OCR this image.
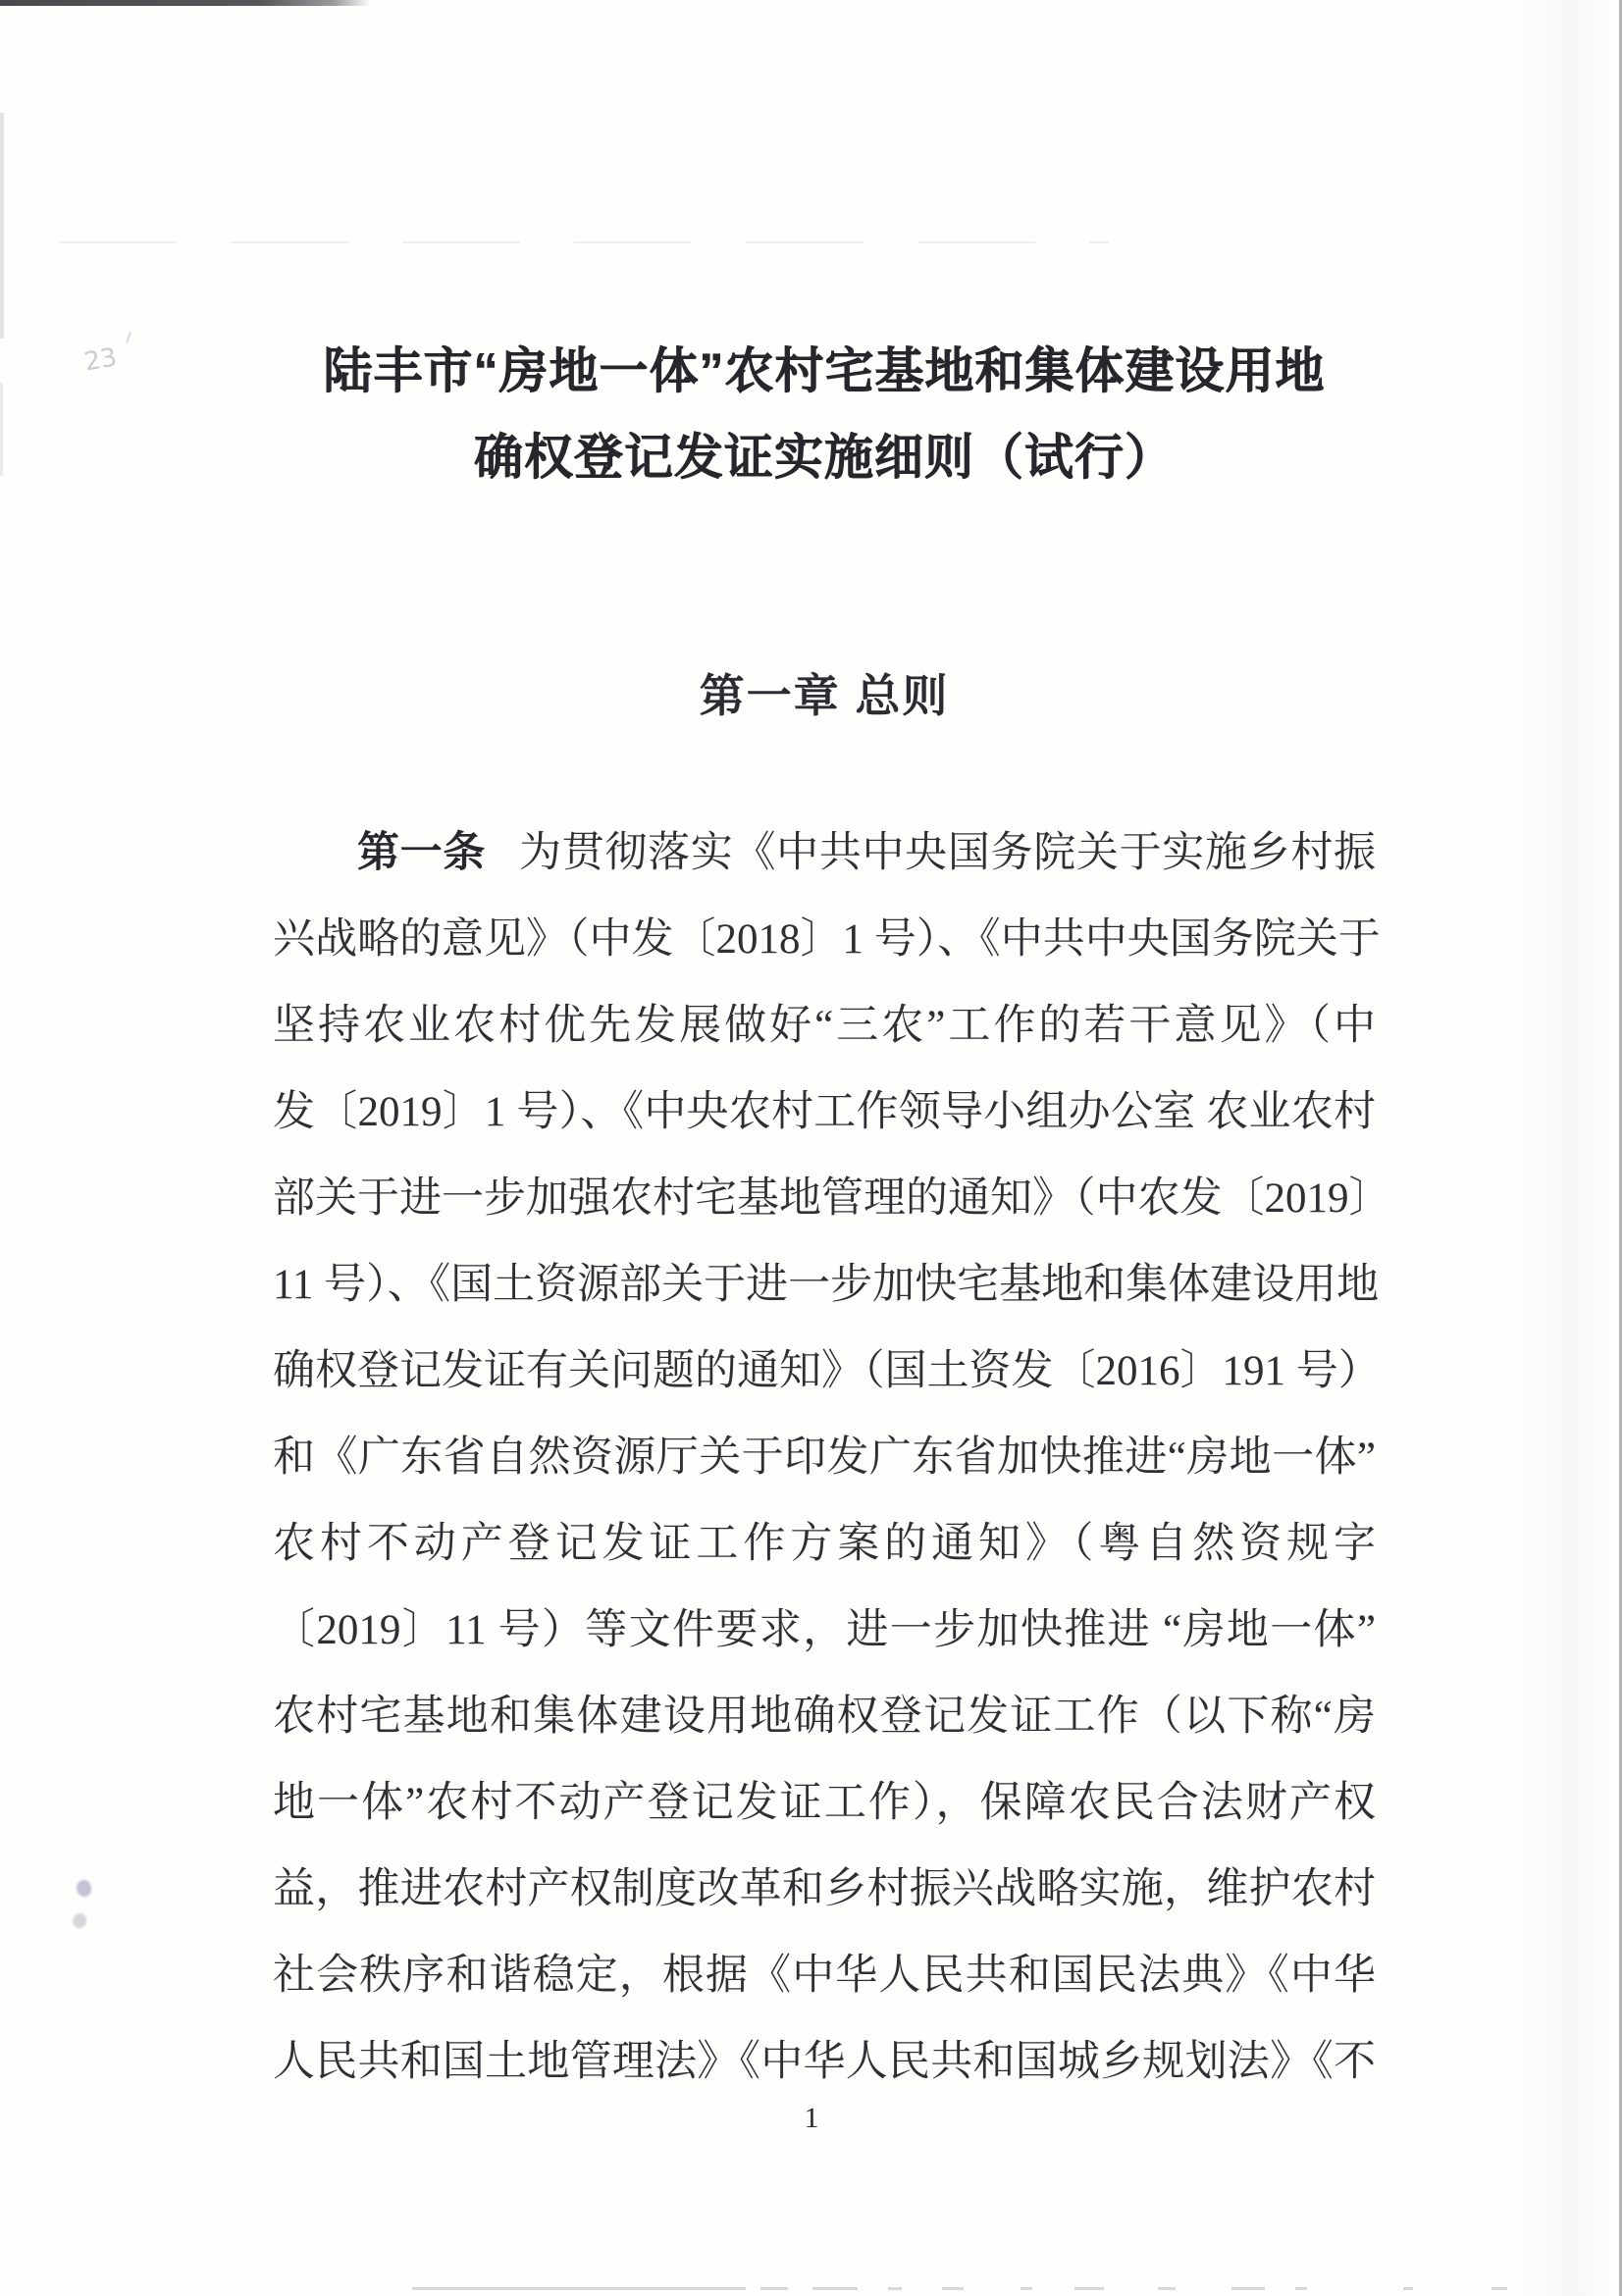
23	陆丰市“房地一体”农村宅基地和集体建设用地
确权登记发证实施细则（试行）
第一章 总则
第一条 为贯彻落实《中共中央国务院关于实施乡村振
兴战略的意见》（中发〔2018〕1 号）、《中共中央国务院关于
坚持农业农村优先发展做好“三农”工作的若干意见》（中
发〔2019〕1 号）、《中央农村工作领导小组办公室 农业农村
部关于进一步加强农村宅基地管理的通知》（中农发〔2019〕
11 号）、《国土资源部关于进一步加快宅基地和集体建设用地
确权登记发证有关问题的通知》（国土资发〔2016〕191 号）
和《广东省自然资源厅关于印发广东省加快推进“房地一体”
农村不动产登记发证工作方案的通知》（粤自然资规字
〔2019〕11 号）等文件要求，进一步加快推进 “房地一体”
农村宅基地和集体建设用地确权登记发证工作（以下称“房
地一体”农村不动产登记发证工作），保障农民合法财产权
益，推进农村产权制度改革和乡村振兴战略实施，维护农村
社会秩序和谐稳定，根据《中华人民共和国民法典》《中华
人民共和国土地管理法》《中华人民共和国城乡规划法》《不
1
